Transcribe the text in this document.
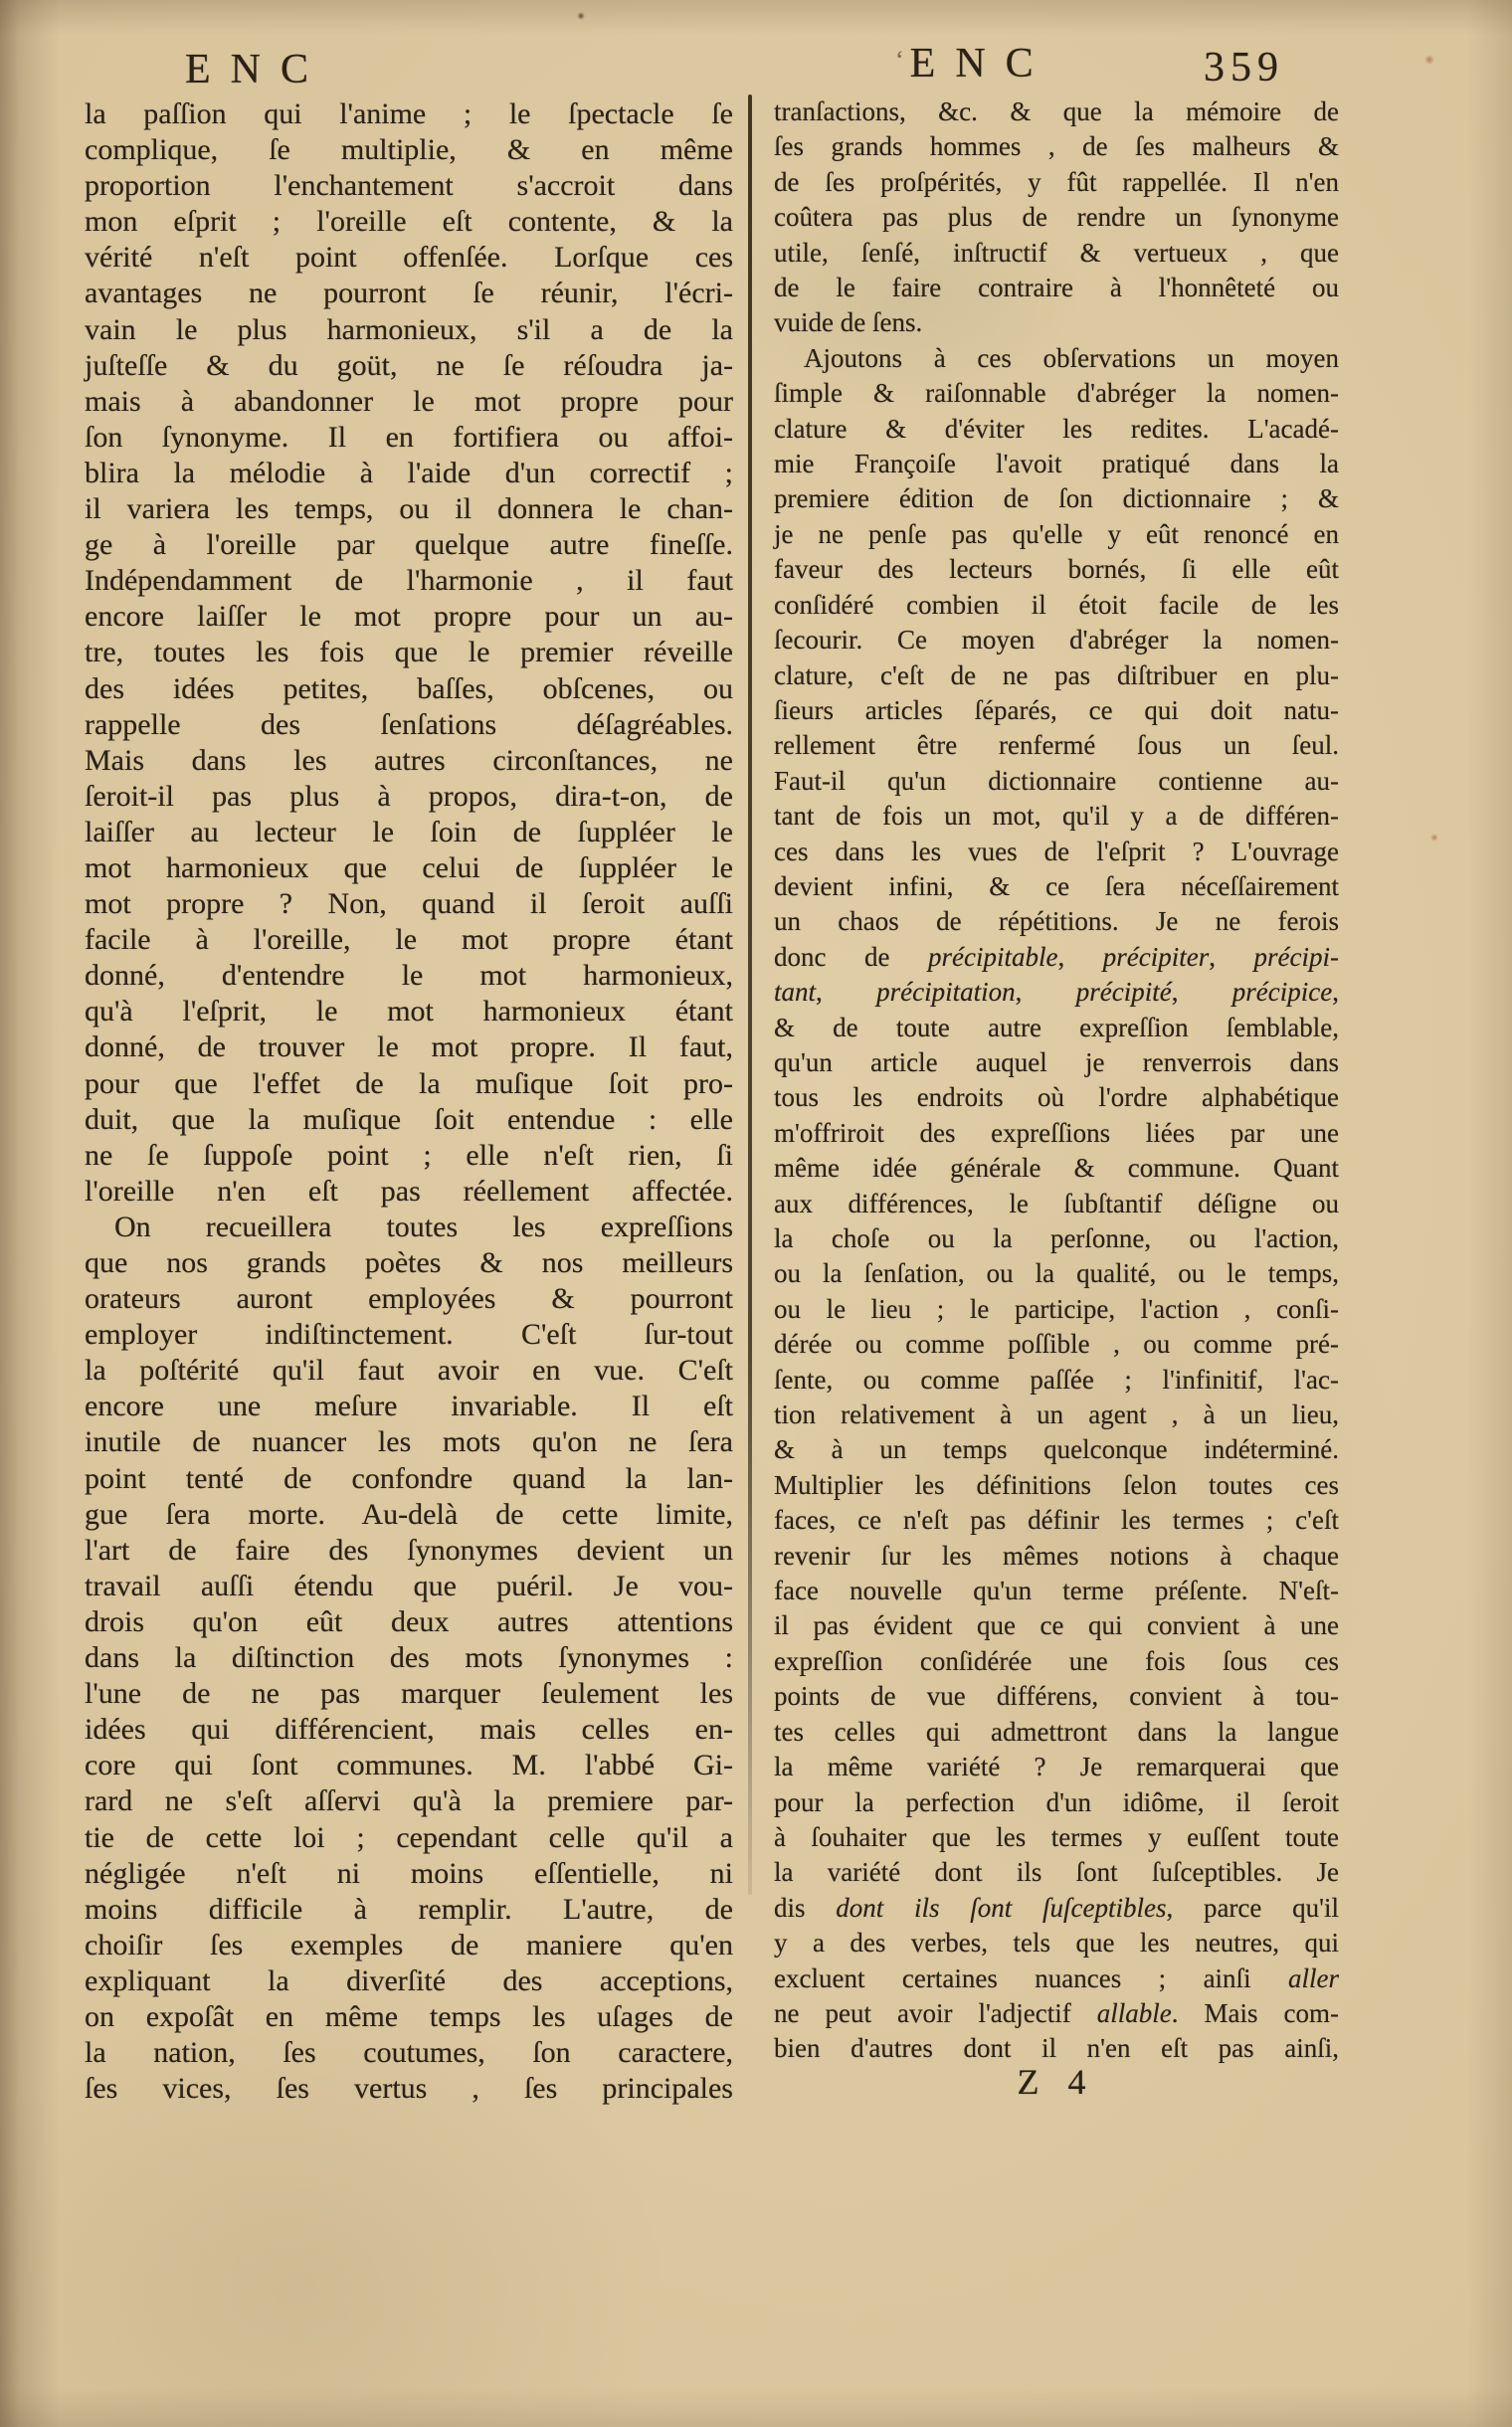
ENC	ʻENC	359
la paſſion qui l'anime ; le ſpectacle ſe
complique, ſe multiplie, & en même
proportion l'enchantement s'accroit dans
mon eſprit ; l'oreille eſt contente, & la
vérité n'eſt point offenſée. Lorſque ces
avantages ne pourront ſe réunir, l'écri-
vain le plus harmonieux, s'il a de la
juſteſſe & du goüt, ne ſe réſoudra ja-
mais à abandonner le mot propre pour
ſon ſynonyme. Il en fortifiera ou affoi-
blira la mélodie à l'aide d'un correctif ;
il variera les temps, ou il donnera le chan-
ge à l'oreille par quelque autre fineſſe.
Indépendamment de l'harmonie , il faut
encore laiſſer le mot propre pour un au-
tre, toutes les fois que le premier réveille
des idées petites, baſſes, obſcenes, ou
rappelle des ſenſations déſagréables.
Mais dans les autres circonſtances, ne
ſeroit-il pas plus à propos, dira-t-on, de
laiſſer au lecteur le ſoin de ſuppléer le
mot harmonieux que celui de ſuppléer le
mot propre ? Non, quand il ſeroit auſſi
facile à l'oreille, le mot propre étant
donné, d'entendre le mot harmonieux,
qu'à l'eſprit, le mot harmonieux étant
donné, de trouver le mot propre. Il faut,
pour que l'effet de la muſique ſoit pro-
duit, que la muſique ſoit entendue : elle
ne ſe ſuppoſe point ; elle n'eſt rien, ſi
l'oreille n'en eſt pas réellement affectée.
On recueillera toutes les expreſſions
que nos grands poètes & nos meilleurs
orateurs auront employées & pourront
employer indiſtinctement. C'eſt ſur-tout
la poſtérité qu'il faut avoir en vue. C'eſt
encore une meſure invariable. Il eſt
inutile de nuancer les mots qu'on ne ſera
point tenté de confondre quand la lan-
gue ſera morte. Au-delà de cette limite,
l'art de faire des ſynonymes devient un
travail auſſi étendu que puéril. Je vou-
drois qu'on eût deux autres attentions
dans la diſtinction des mots ſynonymes :
l'une de ne pas marquer ſeulement les
idées qui différencient, mais celles en-
core qui ſont communes. M. l'abbé Gi-
rard ne s'eſt aſſervi qu'à la premiere par-
tie de cette loi ; cependant celle qu'il a
négligée n'eſt ni moins eſſentielle, ni
moins difficile à remplir. L'autre, de
choiſir ſes exemples de maniere qu'en
expliquant la diverſité des acceptions,
on expoſât en même temps les uſages de
la nation, ſes coutumes, ſon caractere,
ſes vices, ſes vertus , ſes principales
tranſactions, &c. & que la mémoire de
ſes grands hommes , de ſes malheurs &
de ſes proſpérités, y fût rappellée. Il n'en
coûtera pas plus de rendre un ſynonyme
utile, ſenſé, inſtructif & vertueux , que
de le faire contraire à l'honnêteté ou
vuide de ſens.
Ajoutons à ces obſervations un moyen
ſimple & raiſonnable d'abréger la nomen-
clature & d'éviter les redites. L'acadé-
mie Françoiſe l'avoit pratiqué dans la
premiere édition de ſon dictionnaire ; &
je ne penſe pas qu'elle y eût renoncé en
faveur des lecteurs bornés, ſi elle eût
conſidéré combien il étoit facile de les
ſecourir. Ce moyen d'abréger la nomen-
clature, c'eſt de ne pas diſtribuer en plu-
ſieurs articles ſéparés, ce qui doit natu-
rellement être renfermé ſous un ſeul.
Faut-il qu'un dictionnaire contienne au-
tant de fois un mot, qu'il y a de différen-
ces dans les vues de l'eſprit ? L'ouvrage
devient infini, & ce ſera néceſſairement
un chaos de répétitions. Je ne ferois
donc de précipitable, précipiter, précipi-
tant, précipitation, précipité, précipice,
& de toute autre expreſſion ſemblable,
qu'un article auquel je renverrois dans
tous les endroits où l'ordre alphabétique
m'offriroit des expreſſions liées par une
même idée générale & commune. Quant
aux différences, le ſubſtantif déſigne ou
la choſe ou la perſonne, ou l'action,
ou la ſenſation, ou la qualité, ou le temps,
ou le lieu ; le participe, l'action , conſi-
dérée ou comme poſſible , ou comme pré-
ſente, ou comme paſſée ; l'infinitif, l'ac-
tion relativement à un agent , à un lieu,
& à un temps quelconque indéterminé.
Multiplier les définitions ſelon toutes ces
faces, ce n'eſt pas définir les termes ; c'eſt
revenir ſur les mêmes notions à chaque
face nouvelle qu'un terme préſente. N'eſt-
il pas évident que ce qui convient à une
expreſſion conſidérée une fois ſous ces
points de vue différens, convient à tou-
tes celles qui admettront dans la langue
la même variété ? Je remarquerai que
pour la perfection d'un idiôme, il ſeroit
à ſouhaiter que les termes y euſſent toute
la variété dont ils ſont ſuſceptibles. Je
dis dont ils ſont ſuſceptibles, parce qu'il
y a des verbes, tels que les neutres, qui
excluent certaines nuances ; ainſi aller
ne peut avoir l'adjectif allable. Mais com-
bien d'autres dont il n'en eſt pas ainſi,
Z 4
